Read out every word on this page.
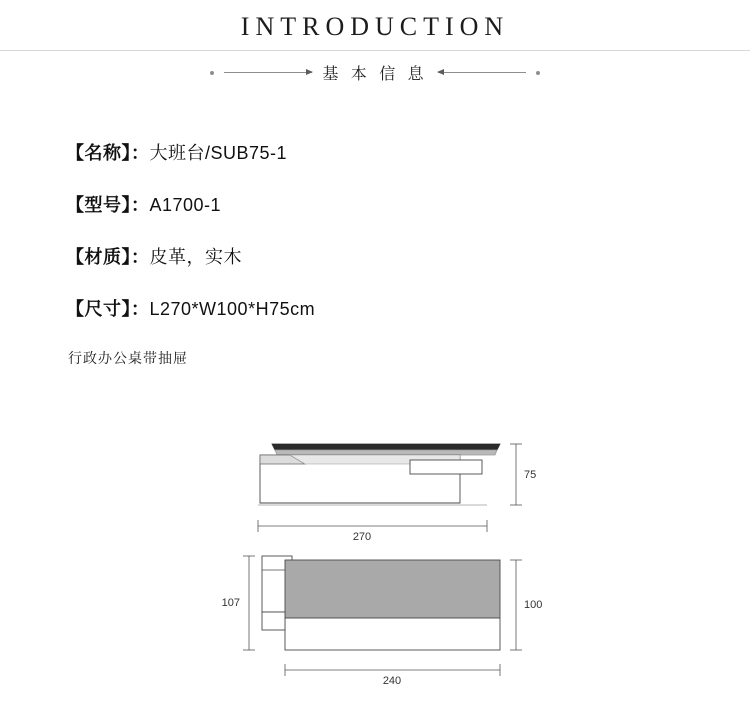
INTRODUCTION
基 本 信 息
【名称】：大班台/SUB75-1
【型号】：A1700-1
【材质】：皮革，实木
【尺寸】：L270*W100*H75cm
行政办公桌带抽屉
75
270
107	100
240
